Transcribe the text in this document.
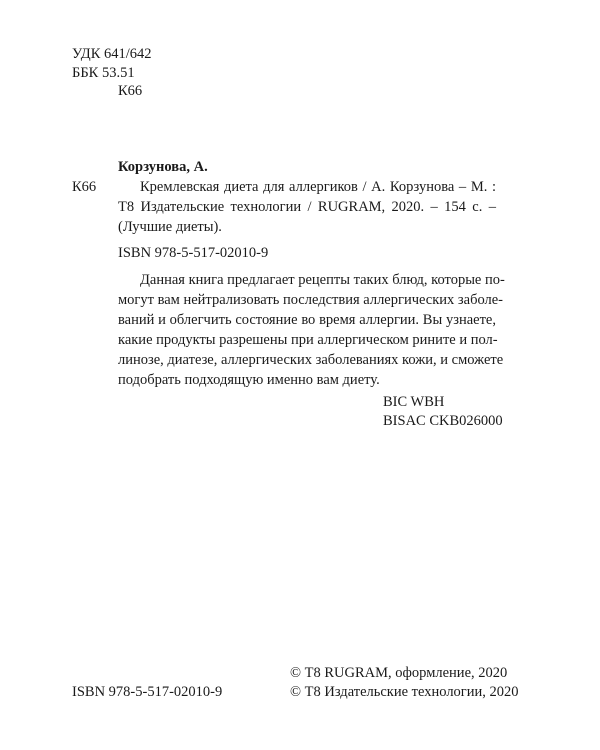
УДК 641/642
ББК 53.51
К66
Корзунова, А.
К66	Кремлевская диета для аллергиков / А. Корзунова – М. :
Т8 Издательские технологии / RUGRAM, 2020. – 154 с. –
(Лучшие диеты).
ISBN 978-5-517-02010-9
Данная книга предлагает рецепты таких блюд, которые по-
могут вам нейтрализовать последствия аллергических заболе-
ваний и облегчить состояние во время аллергии. Вы узнаете,
какие продукты разрешены при аллергическом рините и пол-
линозе, диатезе, аллергических заболеваниях кожи, и сможете
подобрать подходящую именно вам диету.
BIC WBH
BISAC CKB026000
ISBN 978-5-517-02010-9
© Т8 RUGRAM, оформление, 2020
© Т8 Издательские технологии, 2020
